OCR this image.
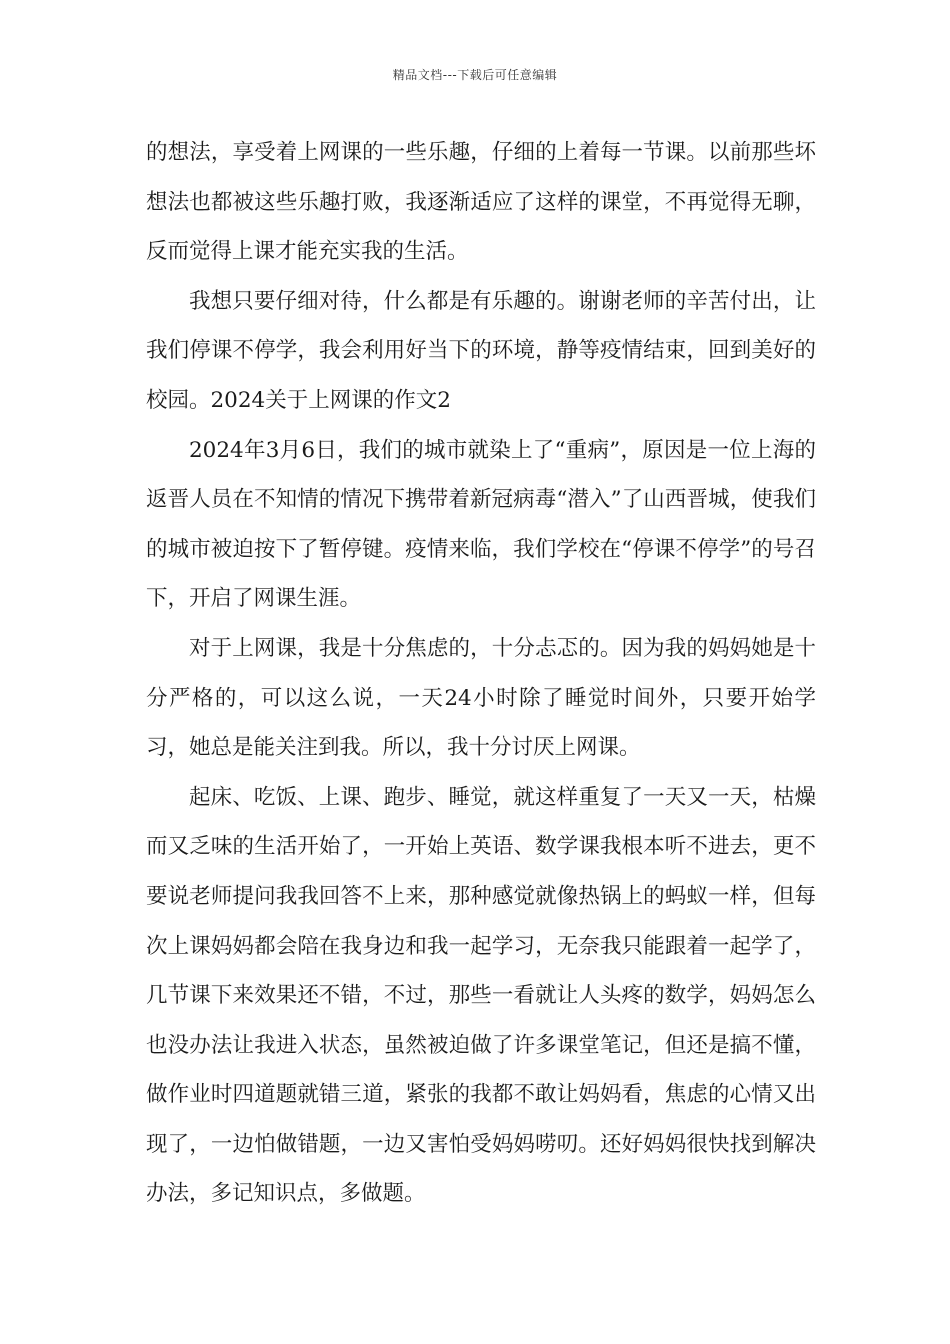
精品文档---下载后可任意编辑

的想法，享受着上网课的一些乐趣，仔细的上着每一节课。以前那些坏想法也都被这些乐趣打败，我逐渐适应了这样的课堂，不再觉得无聊，反而觉得上课才能充实我的生活。

我想只要仔细对待，什么都是有乐趣的。谢谢老师的辛苦付出，让我们停课不停学，我会利用好当下的环境，静等疫情结束，回到美好的校园。2024关于上网课的作文2

2024年3月6日，我们的城市就染上了“重病”，原因是一位上海的返晋人员在不知情的情况下携带着新冠病毒“潜入”了山西晋城，使我们的城市被迫按下了暂停键。疫情来临，我们学校在“停课不停学”的号召下，开启了网课生涯。

对于上网课，我是十分焦虑的，十分忐忑的。因为我的妈妈她是十分严格的，可以这么说，一天24小时除了睡觉时间外，只要开始学习，她总是能关注到我。所以，我十分讨厌上网课。

起床、吃饭、上课、跑步、睡觉，就这样重复了一天又一天，枯燥而又乏味的生活开始了，一开始上英语、数学课我根本听不进去，更不要说老师提问我我回答不上来，那种感觉就像热锅上的蚂蚁一样，但每次上课妈妈都会陪在我身边和我一起学习，无奈我只能跟着一起学了，几节课下来效果还不错，不过，那些一看就让人头疼的数学，妈妈怎么也没办法让我进入状态，虽然被迫做了许多课堂笔记，但还是搞不懂，做作业时四道题就错三道，紧张的我都不敢让妈妈看，焦虑的心情又出现了，一边怕做错题，一边又害怕受妈妈唠叨。还好妈妈很快找到解决办法，多记知识点，多做题。
